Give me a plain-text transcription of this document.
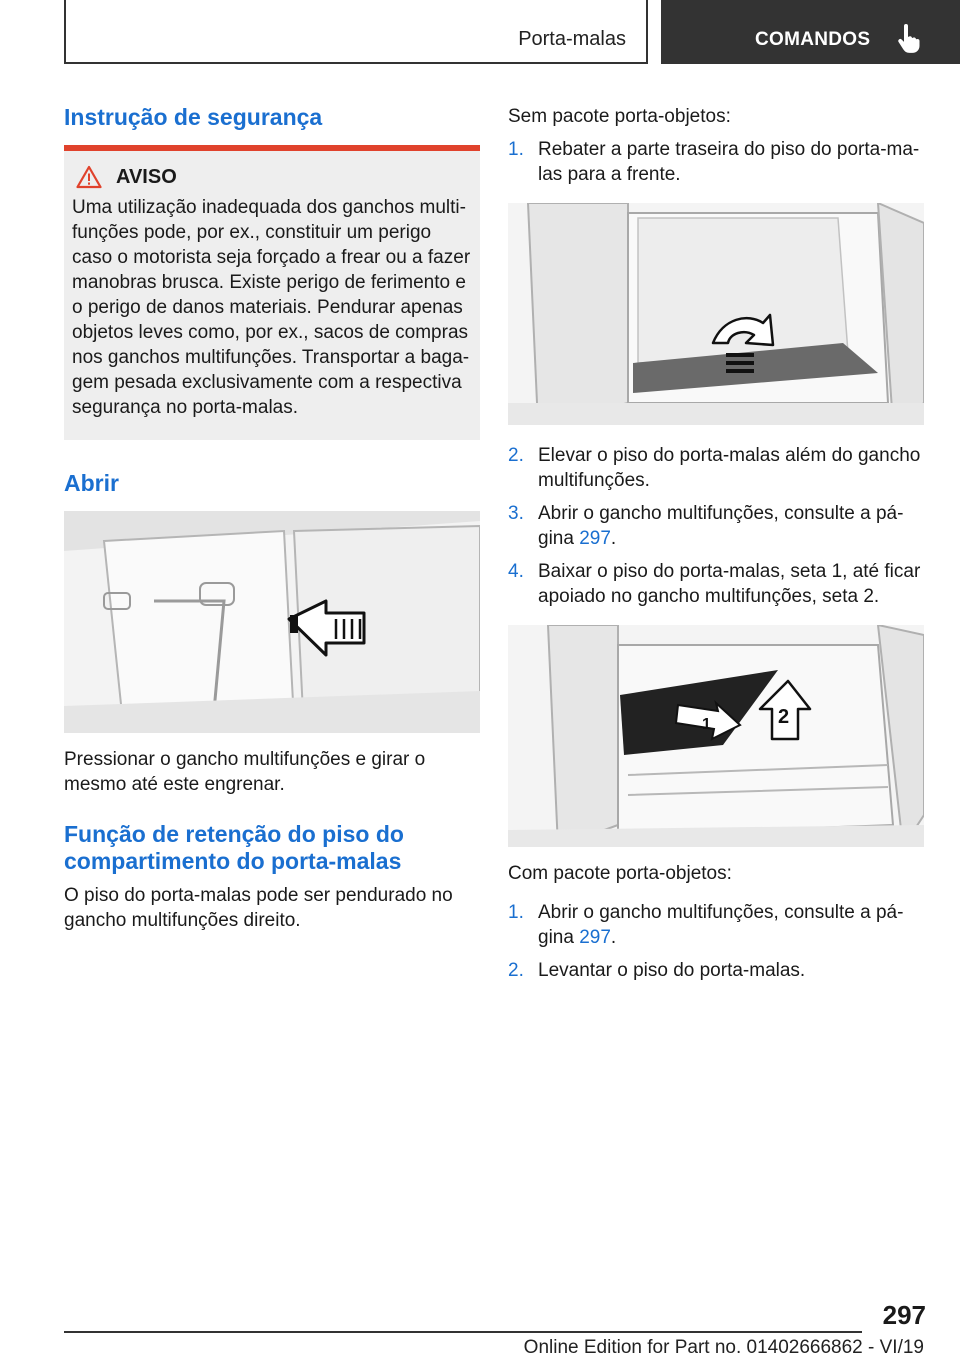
Porta-malas	COMANDOS
Instrução de segurança
AVISO
Uma utilização inadequada dos ganchos multi-funções pode, por ex., constituir um perigo caso o motorista seja forçado a frear ou a fazer manobras brusca. Existe perigo de ferimento e o perigo de danos materiais. Pendurar apenas objetos leves como, por ex., sacos de compras nos ganchos multifunções. Transportar a baga-gem pesada exclusivamente com a respectiva segurança no porta-malas.
Abrir

Pressionar o gancho multifunções e girar o mesmo até este engrenar.

Função de retenção do piso do compartimento do porta-malas

O piso do porta-malas pode ser pendurado no gancho multifunções direito.

Sem pacote porta-objetos:

1. Rebater a parte traseira do piso do porta-ma-las para a frente.
2. Elevar o piso do porta-malas além do gancho multifunções.
3. Abrir o gancho multifunções, consulte a pá-gina 297.
4. Baixar o piso do porta-malas, seta 1, até ficar apoiado no gancho multifunções, seta 2.
1	2

Com pacote porta-objetos:

1. Abrir o gancho multifunções, consulte a pá-gina 297.
2. Levantar o piso do porta-malas.
297
Online Edition for Part no. 01402666862 - VI/19
